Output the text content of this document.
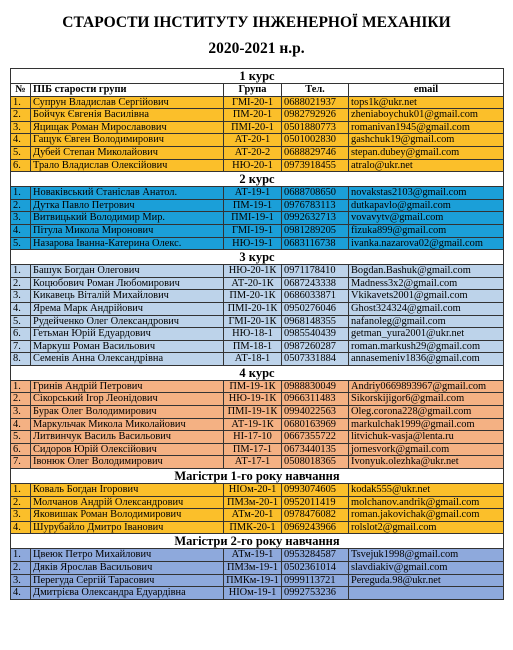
СТАРОСТИ ІНСТИТУТУ ІНЖЕНЕРНОЇ МЕХАНІКИ
2020-2021 н.р.
1 курс				
№	ПІБ старости групи	Група	Тел.	email
1.	Супрун Владислав Сергійович	ГМІ-20-1	0688021937	tops1k@ukr.net
2.	Бойчук Євгенія Василівна	ПМ-20-1	0982792926	zheniaboychuk01@gmail.com
3.	Яцищак Роман Мирославович	ПМІ-20-1	0501880773	romanivan1945@gmail.com
4.	Гащук Євген Володимирович	АТ-20-1	0501002830	gashchuk19@gmail.com
5.	Дубей Степан Миколайович	АТ-20-2	0688829746	stepan.dubey@gmail.com
6.	Трало Владислав Олексійович	НЮ-20-1	0973918455	atralo@ukr.net
2 курс				
1.	Новаківський Станіслав Анатол.	АТ-19-1	0688708650	novakstas2103@gmail.com
2.	Дутка Павло Петрович	ПМ-19-1	0976783113	dutkapavlo@gmail.com
3.	Витвицький Володимир Мир.	ПМІ-19-1	0992632713	vovavytv@gmail.com
4.	Пітула Микола Миронович	ГМІ-19-1	0981289205	fizuka899@gmail.com
5.	Назарова Іванна-Катерина Олекс.	НЮ-19-1	0683116738	ivanka.nazarova02@gmail.com
3 курс				
1.	Башук Богдан Олегович	НЮ-20-1К	0971178410	Bogdan.Bashuk@gmail.com
2.	Коцюбович Роман Любомирович	АТ-20-1К	0687243338	Madness3x2@gmail.com
3.	Кикавець Віталій Михайлович	ПМ-20-1К	0686033871	Vkikavets2001@gmail.com
4.	Ярема Марк Андрійович	ПМІ-20-1К	0950276046	Ghost324324@gmail.com
5.	Рудейченко Олег Олександрович	ГМІ-20-1К	0968148355	nafanoleg@gmail.com
6.	Гетьман Юрій Едуардович	НЮ-18-1	0985540439	getman_yura2001@ukr.net
7.	Маркуш Роман Васильович	ПМ-18-1	0987260287	roman.markush29@gmail.com
8.	Семенів Анна Олександрівна	АТ-18-1	0507331884	annasemeniv1836@gmail.com
4 курс				
1.	Гринів Андрій Петрович	ПМ-19-1К	0988830049	Andriy0669893967@gmail.com
2.	Сікорський Ігор Леонідович	НЮ-19-1К	0966311483	Sikorskijigor6@gmail.com
3.	Бурак Олег Володимирович	ПМІ-19-1К	0994022563	Oleg.corona228@gmail.com
4.	Маркульчак Микола Миколайович	АТ-19-1К	0680163969	markulchak1999@gmail.com
5.	Литвинчук Василь Васильович	НІ-17-10	0667355722	litvichuk-vasja@lenta.ru
6.	Сидоров Юрій Олексійович	ПМ-17-1	0673440135	jornesvork@gmail.com
7.	Івонюк Олег Володимирович	АТ-17-1	0508018365	Ivonyuk.olezhka@ukr.net
Магістри 1-го року навчання				
1.	Коваль Богдан Ігорович	НІОм-20-1	0993074605	kodak555@ukr.net
2.	Молчанов Андрій Олександрович	ПМЗм-20-1	0952011419	molchanov.andrik@gmail.com
3.	Яковишак Роман Володимирович	АТм-20-1	0978476082	roman.jakovichak@gmail.com
4.	Шурубайло Дмитро Іванович	ПМК-20-1	0969243966	rolslot2@gmail.com
Магістри 2-го року навчання				
1.	Цвеюк Петро Михайлович	АТм-19-1	0953284587	Tsvejuk1998@gmail.com
2.	Дяків Ярослав Васильович	ПМЗм-19-1	0502361014	slavdiakiv@gmail.com
3.	Перегуда Сергій Тарасович	ПМКм-19-1	0999113721	Pereguda.98@ukr.net
4.	Дмитрієва Олександра Едуардівна	НІОм-19-1	0992753236	
